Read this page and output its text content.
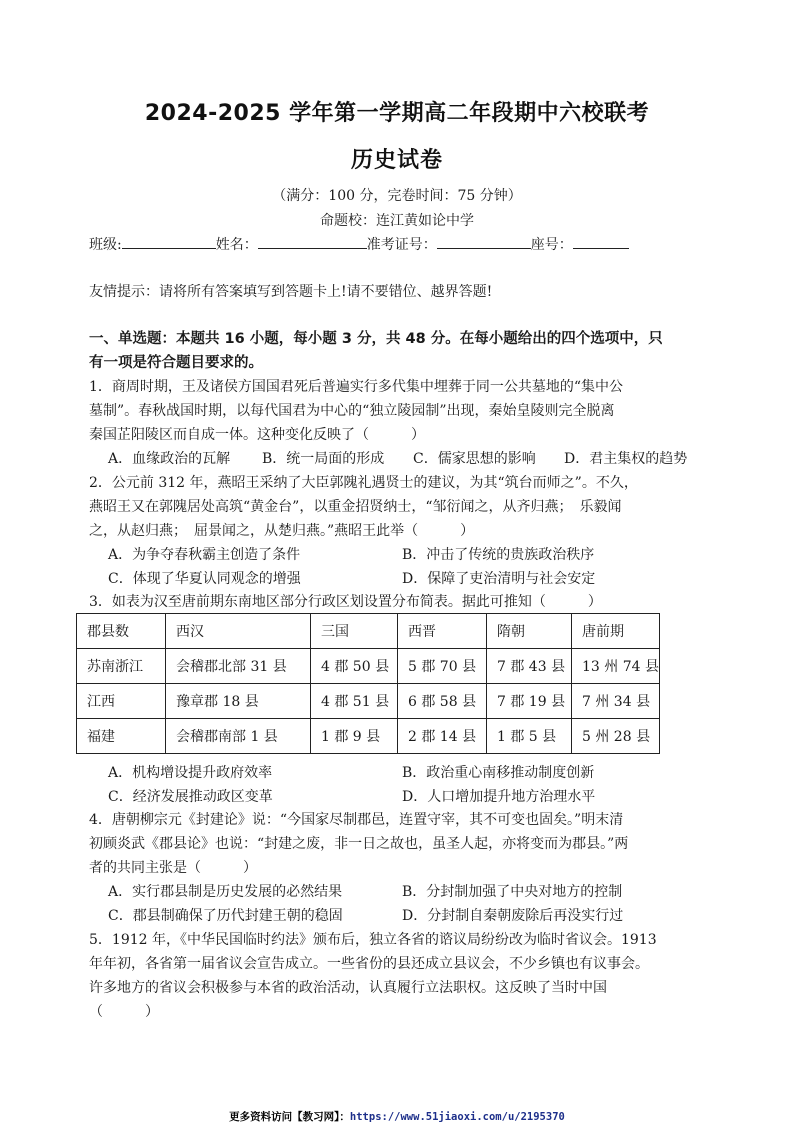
2024-2025 学年第一学期高二年段期中六校联考
历史试卷
（满分：100 分，完卷时间：75 分钟）
命题校：连江黄如论中学
班级:	姓名：	准考证号：	座号：
友情提示：请将所有答案填写到答题卡上!请不要错位、越界答题!
一、单选题：本题共 16 小题，每小题 3 分，共 48 分。在每小题给出的四个选项中，只
有一项是符合题目要求的。
1．商周时期，王及诸侯方国国君死后普遍实行多代集中埋葬于同一公共墓地的“集中公
墓制”。春秋战国时期，以每代国君为中心的“独立陵园制”出现，秦始皇陵则完全脱离
秦国芷阳陵区而自成一体。这种变化反映了（　　　）
A．血缘政治的瓦解 B．统一局面的形成 C．儒家思想的影响 D．君主集权的趋势
2．公元前 312 年，燕昭王采纳了大臣郭隗礼遇贤士的建议，为其“筑台而师之”。不久，
燕昭王又在郭隗居处高筑“黄金台”，以重金招贤纳士，“邹衍闻之，从齐归燕；　乐毅闻
之，从赵归燕；　屈景闻之，从楚归燕。”燕昭王此举（　　　）
A．为争夺春秋霸主创造了条件	B．冲击了传统的贵族政治秩序
C．体现了华夏认同观念的增强	D．保障了吏治清明与社会安定
3．如表为汉至唐前期东南地区部分行政区划设置分布简表。据此可推知（　　　）
郡县数	西汉	三国	西晋	隋朝	唐前期
苏南浙江	会稽郡北部 31 县	4 郡 50 县	5 郡 70 县	7 郡 43 县	13 州 74 县
江西	豫章郡 18 县	4 郡 51 县	6 郡 58 县	7 郡 19 县	7 州 34 县
福建	会稽郡南部 1 县	1 郡 9 县	2 郡 14 县	1 郡 5 县	5 州 28 县
A．机构增设提升政府效率	B．政治重心南移推动制度创新
C．经济发展推动政区变革	D．人口增加提升地方治理水平
4．唐朝柳宗元《封建论》说：“今国家尽制郡邑，连置守宰，其不可变也固矣。”明末清
初顾炎武《郡县论》也说：“封建之废，非一日之故也，虽圣人起，亦将变而为郡县。”两
者的共同主张是（　　　）
A．实行郡县制是历史发展的必然结果	B．分封制加强了中央对地方的控制
C．郡县制确保了历代封建王朝的稳固	D．分封制自秦朝废除后再没实行过
5．1912 年，《中华民国临时约法》颁布后，独立各省的谘议局纷纷改为临时省议会。1913
年年初，各省第一届省议会宣告成立。一些省份的县还成立县议会，不少乡镇也有议事会。
许多地方的省议会积极参与本省的政治活动，认真履行立法职权。这反映了当时中国
（　　　）
更多资料访问【教习网】：https://www.51jiaoxi.com/u/2195370
